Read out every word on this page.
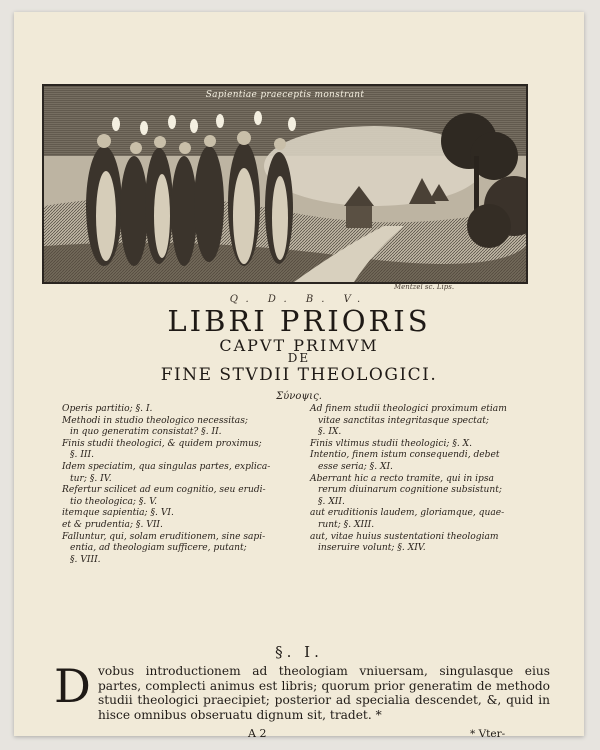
Sapientiae praeceptis monstrant
Mentzel sc. Lips.
Q. D. B. V.
LIBRI PRIORIS
CAPVT PRIMVM
DE
FINE STVDII THEOLOGICI.
Σύνοψις.
Operis partitio; §. I.
Methodi in studio theologico necessitas;
in quo generatim consistat? §. II.
Finis studii theologici, & quidem proximus;
§. III.
Idem speciatim, qua singulas partes, explica-
tur; §. IV.
Refertur scilicet ad eum cognitio, seu erudi-
tio theologica; §. V.
itemque sapientia; §. VI.
et & prudentia; §. VII.
Falluntur, qui, solam eruditionem, sine sapi-
entia, ad theologiam sufficere, putant;
§. VIII.
Ad finem studii theologici proximum etiam
vitae sanctitas integritasque spectat;
§. IX.
Finis vltimus studii theologici; §. X.
Intentio, finem istum consequendi, debet
esse seria; §. XI.
Aberrant hic a recto tramite, qui in ipsa
rerum diuinarum cognitione subsistunt;
§. XII.
aut eruditionis laudem, gloriamque, quae-
runt; §. XIII.
aut, vitae huius sustentationi theologiam
inseruire volunt; §. XIV.
§. I.
D vobus introductionem ad theologiam vniuersam, singulasque eius partes, complecti animus est libris; quorum prior generatim de methodo studii theologici praecipiet; posterior ad specialia descendet, &, quid in hisce omnibus obseruatu dignum sit, tradet. *
A 2	* Vter-
